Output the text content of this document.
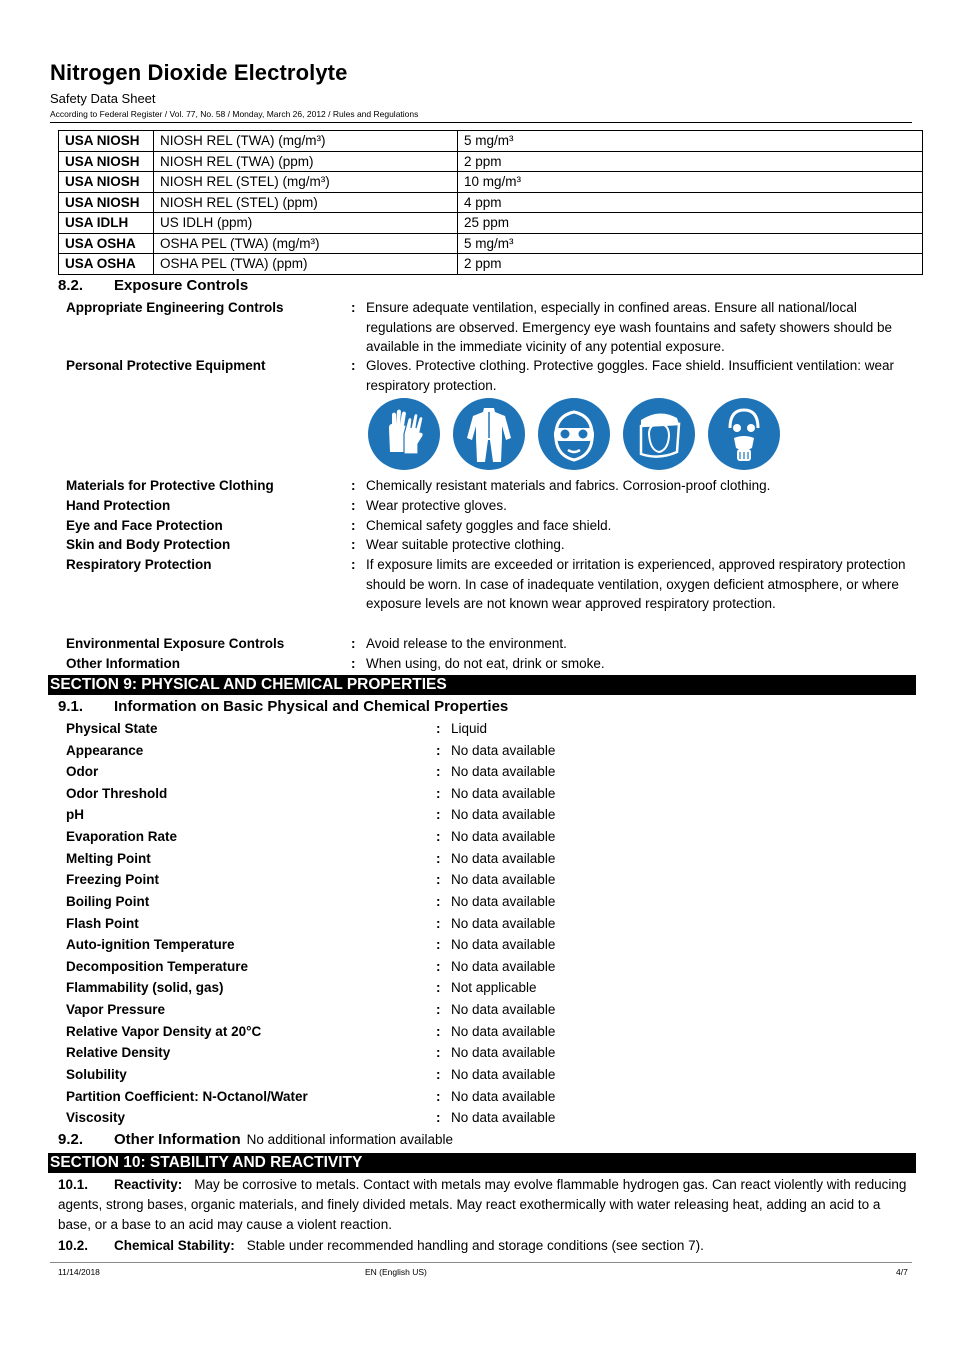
Nitrogen Dioxide Electrolyte
Safety Data Sheet
According to Federal Register / Vol. 77, No. 58 / Monday, March 26, 2012 / Rules and Regulations
USA NIOSH	NIOSH REL (TWA) (mg/m³)	5 mg/m³
USA NIOSH	NIOSH REL (TWA) (ppm)	2 ppm
USA NIOSH	NIOSH REL (STEL) (mg/m³)	10 mg/m³
USA NIOSH	NIOSH REL (STEL) (ppm)	4 ppm
USA IDLH	US IDLH (ppm)	25 ppm
USA OSHA	OSHA PEL (TWA) (mg/m³)	5 mg/m³
USA OSHA	OSHA PEL (TWA) (ppm)	2 ppm
8.2. Exposure Controls
Appropriate Engineering Controls	: Ensure adequate ventilation, especially in confined areas. Ensure all national/local regulations are observed. Emergency eye wash fountains and safety showers should be available in the immediate vicinity of any potential exposure.
Personal Protective Equipment	: Gloves. Protective clothing. Protective goggles. Face shield. Insufficient ventilation: wear respiratory protection.
Materials for Protective Clothing	: Chemically resistant materials and fabrics. Corrosion-proof clothing.
Hand Protection	: Wear protective gloves.
Eye and Face Protection	: Chemical safety goggles and face shield.
Skin and Body Protection	: Wear suitable protective clothing.
Respiratory Protection	: If exposure limits are exceeded or irritation is experienced, approved respiratory protection should be worn. In case of inadequate ventilation, oxygen deficient atmosphere, or where exposure levels are not known wear approved respiratory protection.
Environmental Exposure Controls	: Avoid release to the environment.
Other Information	: When using, do not eat, drink or smoke.
SECTION 9: PHYSICAL AND CHEMICAL PROPERTIES
9.1. Information on Basic Physical and Chemical Properties
Physical State	: Liquid
Appearance	: No data available
Odor	: No data available
Odor Threshold	: No data available
pH	: No data available
Evaporation Rate	: No data available
Melting Point	: No data available
Freezing Point	: No data available
Boiling Point	: No data available
Flash Point	: No data available
Auto-ignition Temperature	: No data available
Decomposition Temperature	: No data available
Flammability (solid, gas)	: Not applicable
Vapor Pressure	: No data available
Relative Vapor Density at 20°C	: No data available
Relative Density	: No data available
Solubility	: No data available
Partition Coefficient: N-Octanol/Water	: No data available
Viscosity	: No data available
9.2. Other Information No additional information available
SECTION 10: STABILITY AND REACTIVITY
10.1. Reactivity: May be corrosive to metals. Contact with metals may evolve flammable hydrogen gas. Can react violently with reducing agents, strong bases, organic materials, and finely divided metals. May react exothermically with water releasing heat, adding an acid to a base, or a base to an acid may cause a violent reaction.
10.2. Chemical Stability: Stable under recommended handling and storage conditions (see section 7).
11/14/2018	EN (English US)	4/7
